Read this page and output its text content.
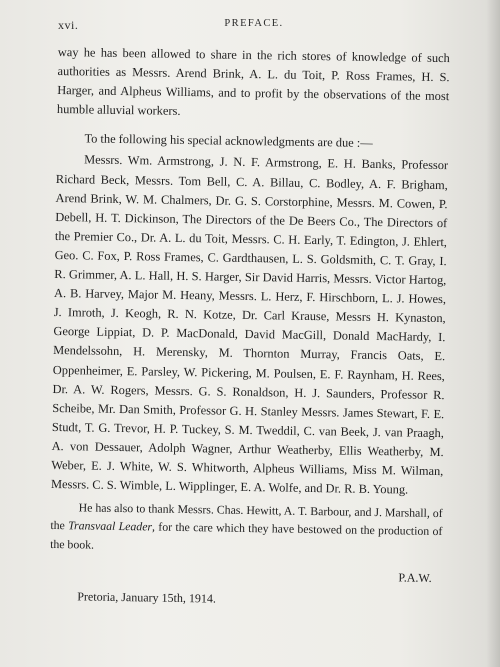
xvi.	PREFACE.

way he has been allowed to share in the rich stores of knowledge of such authorities as Messrs. Arend Brink, A. L. du Toit, P. Ross Frames, H. S. Harger, and Alpheus Williams, and to profit by the observations of the most humble alluvial workers.

To the following his special acknowledgments are due :—

Messrs. Wm. Armstrong, J. N. F. Armstrong, E. H. Banks, Professor Richard Beck, Messrs. Tom Bell, C. A. Billau, C. Bodley, A. F. Brigham, Arend Brink, W. M. Chalmers, Dr. G. S. Corstorphine, Messrs. M. Cowen, P. Debell, H. T. Dickinson, The Directors of the De Beers Co., The Directors of the Premier Co., Dr. A. L. du Toit, Messrs. C. H. Early, T. Edington, J. Ehlert, Geo. C. Fox, P. Ross Frames, C. Gardthausen, L. S. Goldsmith, C. T. Gray, I. R. Grimmer, A. L. Hall, H. S. Harger, Sir David Harris, Messrs. Victor Hartog, A. B. Harvey, Major M. Heany, Messrs. L. Herz, F. Hirschborn, L. J. Howes, J. Imroth, J. Keogh, R. N. Kotze, Dr. Carl Krause, Messrs H. Kynaston, George Lippiat, D. P. MacDonald, David MacGill, Donald MacHardy, I. Mendelssohn, H. Merensky, M. Thornton Murray, Francis Oats, E. Oppenheimer, E. Parsley, W. Pickering, M. Poulsen, E. F. Raynham, H. Rees, Dr. A. W. Rogers, Messrs. G. S. Ronaldson, H. J. Saunders, Professor R. Scheibe, Mr. Dan Smith, Professor G. H. Stanley Messrs. James Stewart, F. E. Studt, T. G. Trevor, H. P. Tuckey, S. M. Tweddil, C. van Beek, J. van Praagh, A. von Dessauer, Adolph Wagner, Arthur Weatherby, Ellis Weatherby, M. Weber, E. J. White, W. S. Whitworth, Alpheus Williams, Miss M. Wilman, Messrs. C. S. Wimble, L. Wipplinger, E. A. Wolfe, and Dr. R. B. Young.

He has also to thank Messrs. Chas. Hewitt, A. T. Barbour, and J. Marshall, of the Transvaal Leader, for the care which they have bestowed on the production of the book.

P.A.W.
Pretoria, January 15th, 1914.
